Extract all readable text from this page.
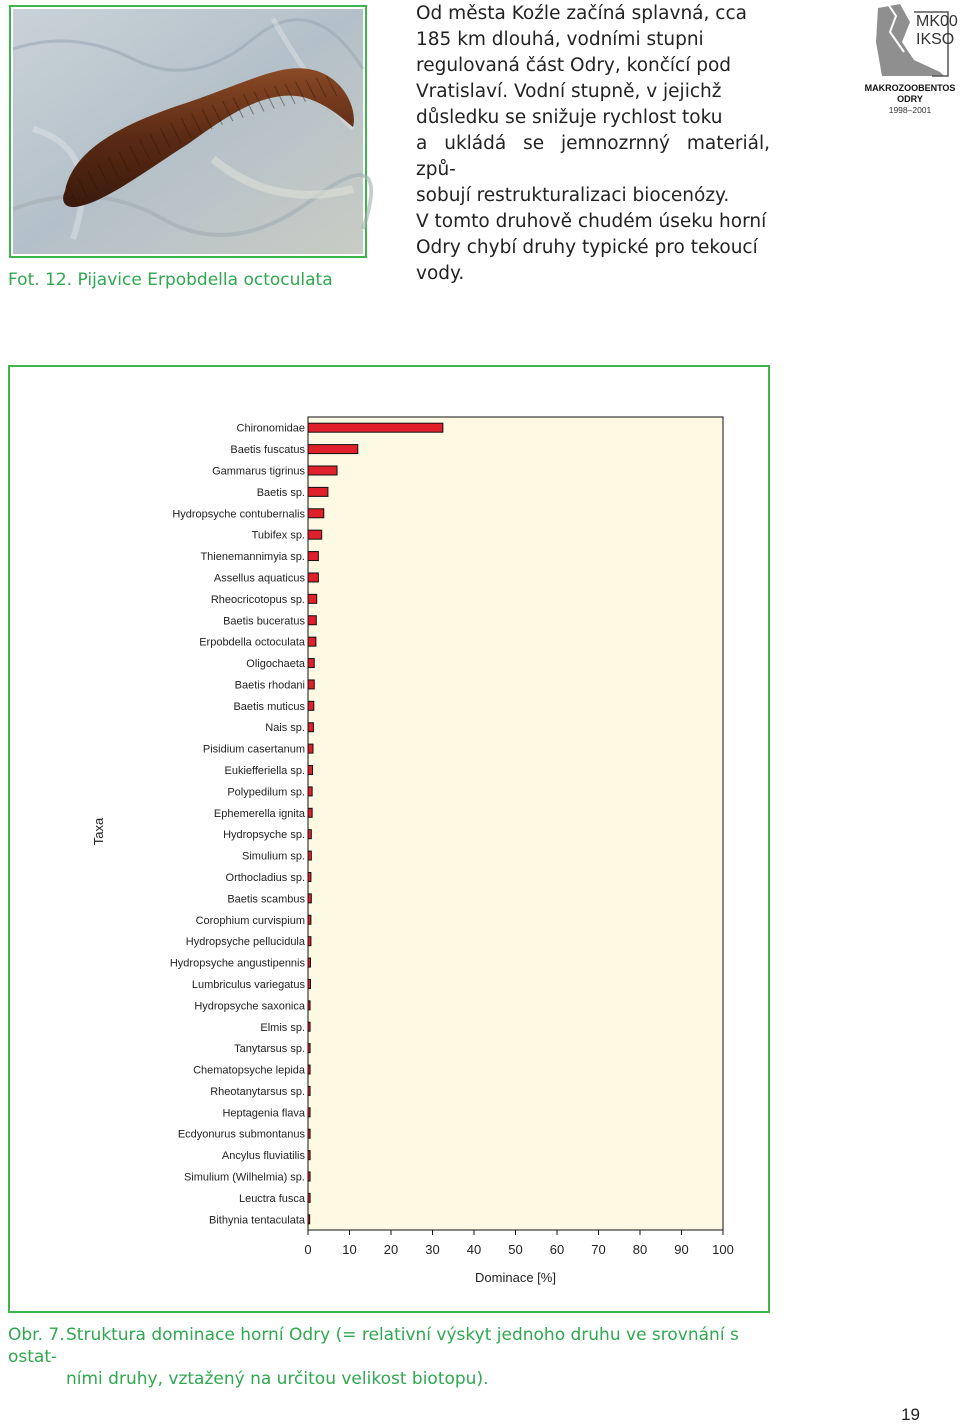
Fot. 12. Pijavice Erpobdella octoculata
Od města Koźle začíná splavná, cca
185 km dlouhá, vodními stupni
regulovaná část Odry, končící pod
Vratislaví. Vodní stupně, v jejichž
důsledku se snižuje rychlost toku
a ukládá se jemnozrnný materiál, způ-
sobují restrukturalizaci biocenózy.
V tomto druhově chudém úseku horní
Odry chybí druhy typické pro tekoucí
vody.
MK00
IKSO
MAKROZOOBENTOS
ODRY
1998–2001
Chironomidae
Baetis fuscatus
Gammarus tigrinus
Baetis sp.
Hydropsyche contubernalis
Tubifex sp.
Thienemannimyia sp.
Assellus aquaticus
Rheocricotopus sp.
Baetis buceratus
Erpobdella octoculata
Oligochaeta
Baetis rhodani
Baetis muticus
Nais sp.
Pisidium casertanum
Eukiefferiella sp.
Polypedilum sp.
Ephemerella ignita
Hydropsyche sp.
Simulium sp.
Orthocladius sp.
Baetis scambus
Corophium curvispium
Hydropsyche pellucidula
Hydropsyche angustipennis
Lumbriculus variegatus
Hydropsyche saxonica
Elmis sp.
Tanytarsus sp.
Chematopsyche lepida
Rheotanytarsus sp.
Heptagenia flava
Ecdyonurus submontanus
Ancylus fluviatilis
Simulium (Wilhelmia) sp.
Leuctra fusca
Bithynia tentaculata
0 10 20 30 40 50 60 70 80 90 100
Taxa
Dominace [%]
Obr. 7.Struktura dominace horní Odry (= relativní výskyt jednoho druhu ve srovnání s ostat-
ními druhy, vztažený na určitou velikost biotopu).
19
